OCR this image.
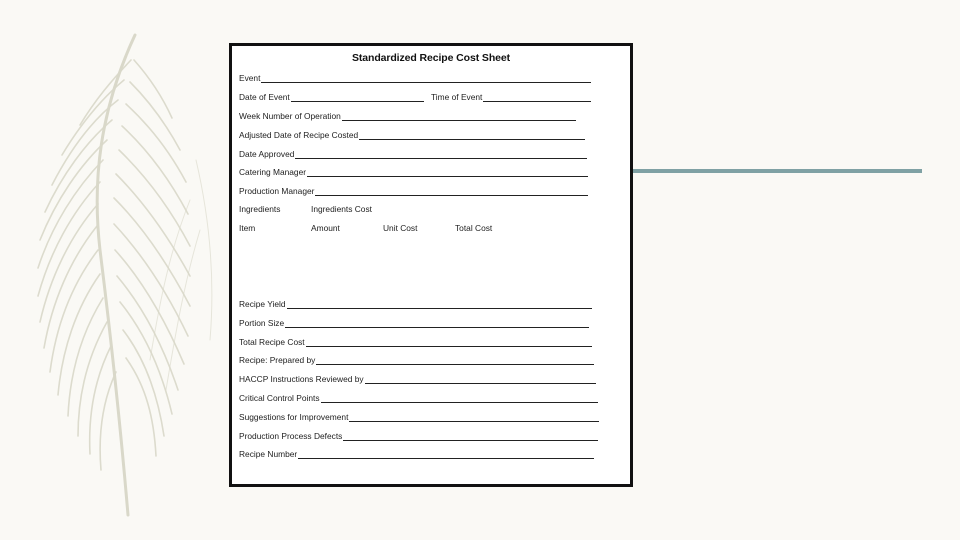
Standardized Recipe Cost Sheet
Event
Date of Event	Time of Event
Week Number of Operation
Adjusted Date of Recipe Costed
Date Approved
Catering Manager
Production Manager
Ingredients	Ingredients Cost
Item	Amount	Unit Cost	Total Cost
Recipe Yield
Portion Size
Total Recipe Cost
Recipe: Prepared by
HACCP Instructions Reviewed by
Critical Control Points
Suggestions for Improvement
Production Process Defects
Recipe Number
